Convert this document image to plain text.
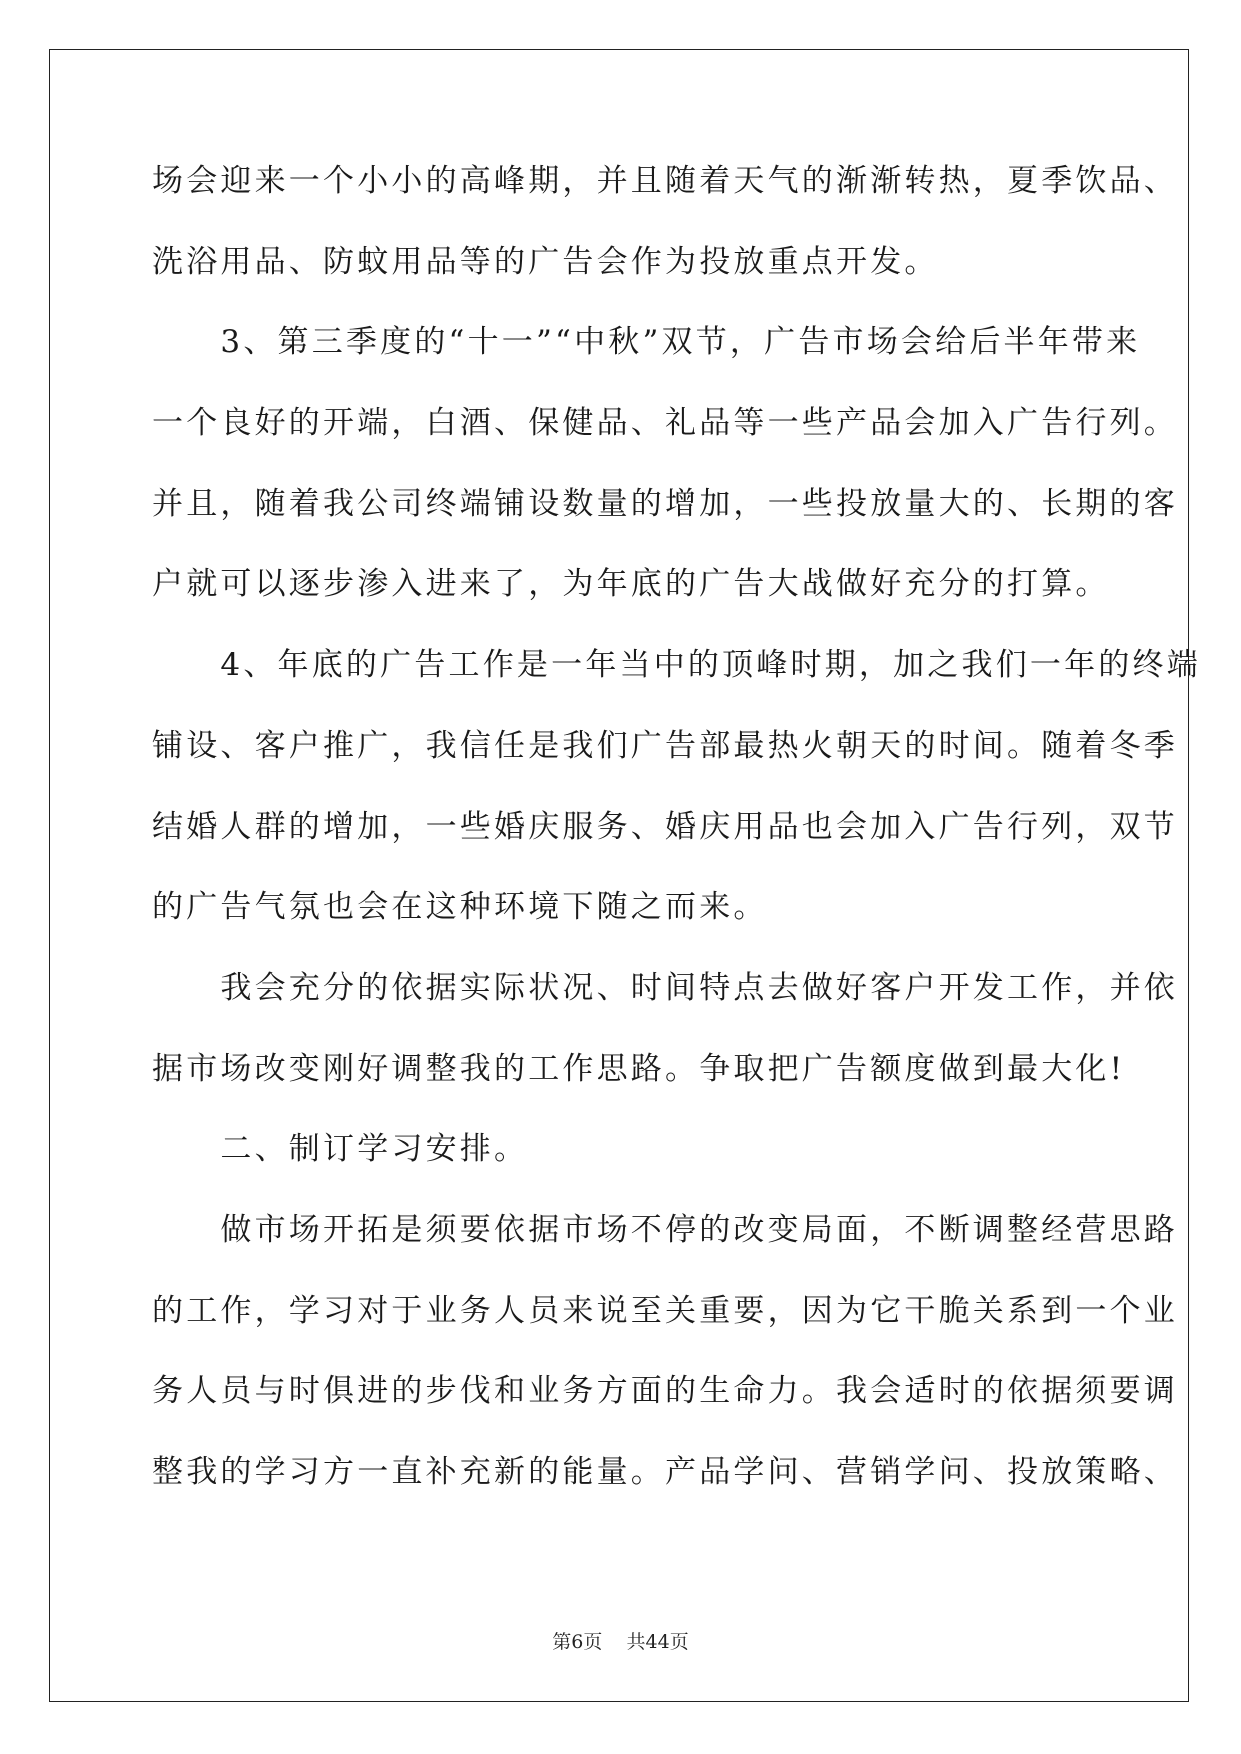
场会迎来一个小小的高峰期，并且随着天气的渐渐转热，夏季饮品、
洗浴用品、防蚊用品等的广告会作为投放重点开发。
　　3、第三季度的“十一”“中秋”双节，广告市场会给后半年带来
一个良好的开端，白酒、保健品、礼品等一些产品会加入广告行列。
并且，随着我公司终端铺设数量的增加，一些投放量大的、长期的客
户就可以逐步渗入进来了，为年底的广告大战做好充分的打算。
　　4、年底的广告工作是一年当中的顶峰时期，加之我们一年的终端
铺设、客户推广，我信任是我们广告部最热火朝天的时间。随着冬季
结婚人群的增加，一些婚庆服务、婚庆用品也会加入广告行列，双节
的广告气氛也会在这种环境下随之而来。
　　我会充分的依据实际状况、时间特点去做好客户开发工作，并依
据市场改变刚好调整我的工作思路。争取把广告额度做到最大化!
　　二、制订学习安排。
　　做市场开拓是须要依据市场不停的改变局面，不断调整经营思路
的工作，学习对于业务人员来说至关重要，因为它干脆关系到一个业
务人员与时俱进的步伐和业务方面的生命力。我会适时的依据须要调
整我的学习方一直补充新的能量。产品学问、营销学问、投放策略、
第6页    共44页
